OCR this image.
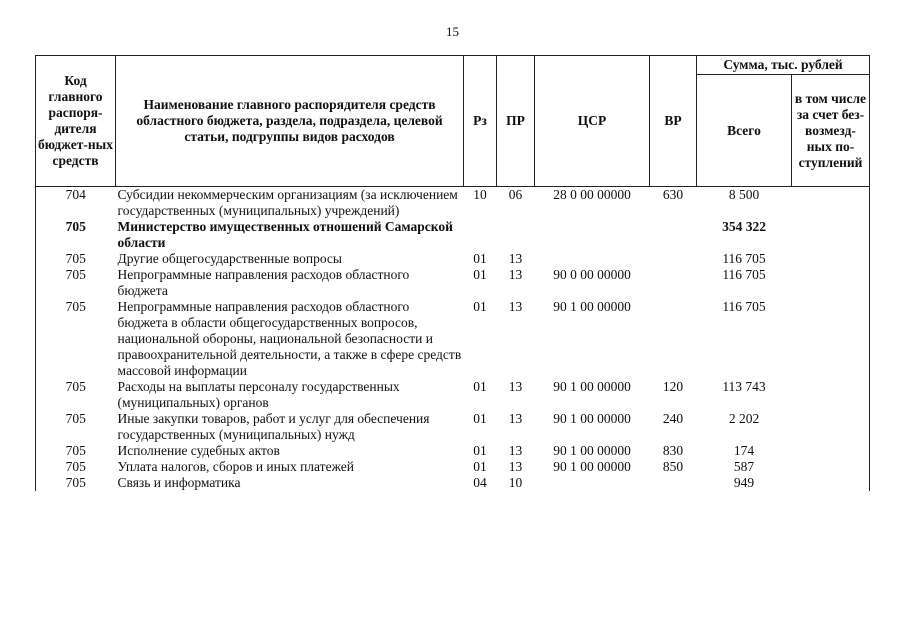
15
Код главного распоря-дителя бюджет-ных средств	Наименование главного распорядителя средств областного бюджета, раздела, подраздела, целевой статьи, подгруппы видов расходов	Рз	ПР	ЦСР	ВР	Сумма, тыс. рублей	
						Всего	в том числе за счет без-возмезд-ных по-ступлений
704	Субсидии некоммерческим организациям (за исключением государственных (муниципальных) учреждений)	10	06	28 0 00 00000	630	8 500	
705	Министерство имущественных отношений Самарской области					354 322	
705	Другие общегосударственные вопросы	01	13			116 705	
705	Непрограммные направления расходов областного бюджета	01	13	90 0 00 00000		116 705	
705	Непрограммные направления расходов областного бюджета в области общегосударственных вопросов, национальной обороны, национальной безопасности и правоохранительной деятельности, а также в сфере средств массовой информации	01	13	90 1 00 00000		116 705	
705	Расходы на выплаты персоналу государственных (муниципальных) органов	01	13	90 1 00 00000	120	113 743	
705	Иные закупки товаров, работ и услуг для обеспечения государственных (муниципальных) нужд	01	13	90 1 00 00000	240	2 202	
705	Исполнение судебных актов	01	13	90 1 00 00000	830	174	
705	Уплата налогов, сборов и иных платежей	01	13	90 1 00 00000	850	587	
705	Связь и информатика	04	10			949	
